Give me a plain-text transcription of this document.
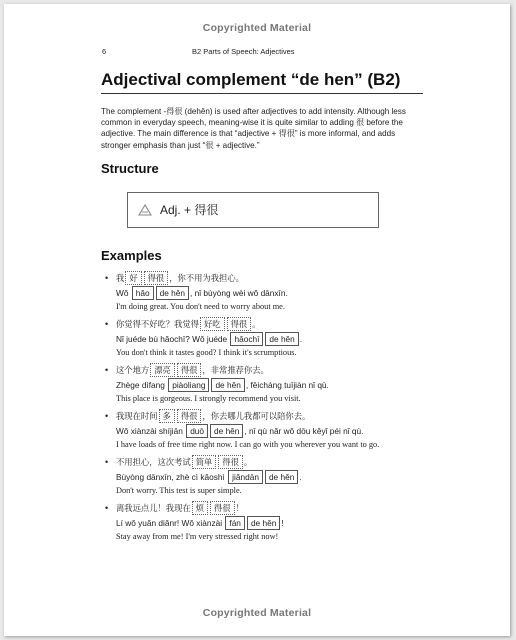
Copyrighted Material
6	B2 Parts of Speech: Adjectives
Adjectival complement “de hen” (B2)

The complement -得很 (dehěn) is used after adjectives to add intensity. Although less common in everyday speech, meaning-wise it is quite similar to adding 很 before the adjective. The main difference is that “adjective + 得很” is more informal, and adds stronger emphasis than just “很 + adjective.”

Structure
Adj. + 得很
Examples
• 我 好 得很 ，你不用为我担心。
Wǒ hǎo de hěn , nǐ bùyòng wèi wǒ dānxīn.
I'm doing great. You don't need to worry about me.
• 你觉得不好吃？我觉得 好吃 得很 。
Nǐ juéde bù hǎochī? Wǒ juéde hǎochī de hěn .
You don't think it tastes good? I think it's scrumptious.
• 这个地方 漂亮 得很 ，非常推荐你去。
Zhège dìfang piàoliang de hěn , fēicháng tuījiàn nǐ qù.
This place is gorgeous. I strongly recommend you visit.
• 我现在时间 多 得很 ，你去哪儿我都可以陪你去。
Wǒ xiànzài shíjiān duō de hěn , nǐ qù nǎr wǒ dōu kěyǐ péi nǐ qù.
I have loads of free time right now. I can go with you wherever you want to go.
• 不用担心，这次考试 简单 得很 。
Bùyòng dānxīn, zhè cì kǎoshì jiǎndān de hěn .
Don't worry. This test is super simple.
• 离我远点儿！我现在 烦 得很 ！
Lí wǒ yuǎn diǎnr! Wǒ xiànzài fán de hěn !
Stay away from me! I'm very stressed right now!
Copyrighted Material
